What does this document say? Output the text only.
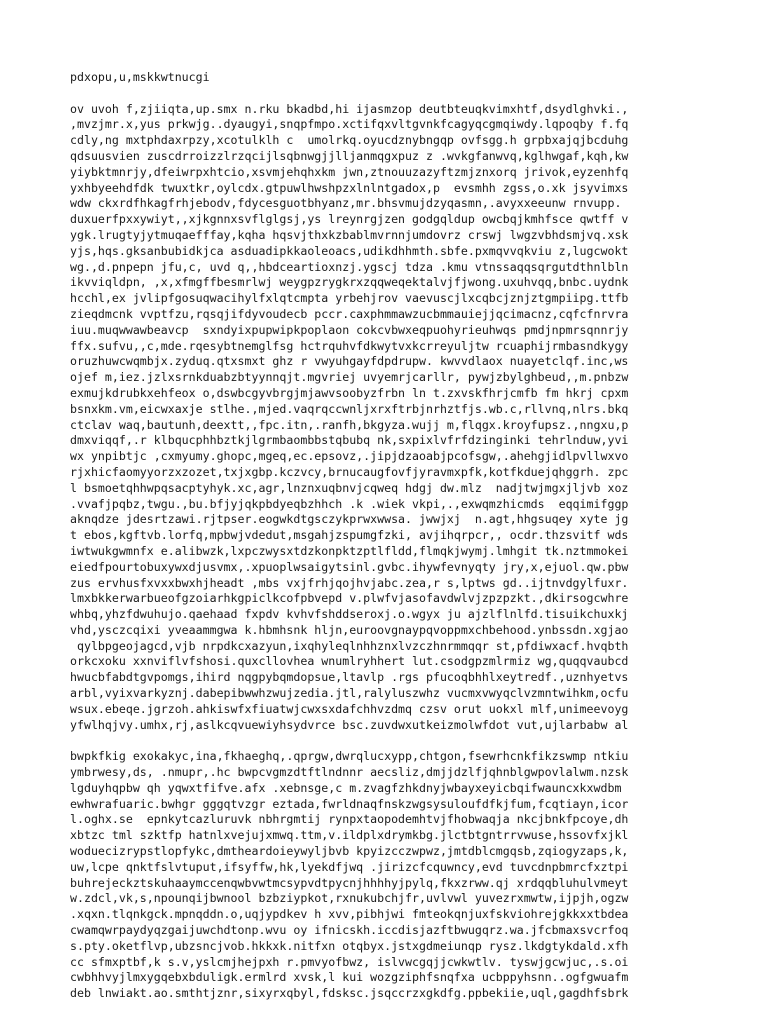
pdxopu,u,mskkwtnucgi
ov uvoh f,zjiiqta,up.smx n.rku bkadbd,hi ijasmzop deutbteuqkvimxhtf,dsydlghvki.,
,mvzjmr.x,yus prkwjg..dyaugyi,snqpfmpo.xctifqxvltgvnkfcagyqcgmqiwdy.lqpoqby f.fq
cdly,ng mxtphdaxrpzy,xcotulklh c  umolrkq.oyucdznybngqp ovfsgg.h grpbxajqjbcduhg
qdsuusvien zuscdrroizzlrzqcijlsqbnwgjjlljanmqgxpuz z .wvkgfanwvq,kglhwgaf,kqh,kw
yiybktmnrjy,dfeiwrpxhtcio,xsvmjehqhxkm jwn,ztnouuzazyftzmjznxorq jrivok,eyzenhfq
yxhbyeehdfdk twuxtkr,oylcdx.gtpuwlhwshpzxlnlntgadox,p  evsmhh zgss,o.xk jsyvimxs
wdw ckxrdfhkagfrhjebodv,fdycesguotbhyanz,mr.bhsvmujdzyqasmn,.avyxxeeunw rnvupp.
duxuerfpxxywiyt,,xjkgnnxsvflglgsj,ys lreynrgjzen godgqldup owcbqjkmhfsce qwtff v
ygk.lrugtyjytmuqaefffay,kqha hqsvjthxkzbablmvrnnjumdovrz crswj lwgzvbhdsmjvq.xsk
yjs,hqs.gksanbubidkjca asduadipkkaoleoacs,udikdhhmth.sbfe.pxmqvvqkviu z,lugcwokt
wg.,d.pnpepn jfu,c, uvd q,,hbdceartioxnzj.ygscj tdza .kmu vtnssaqqsqrgutdthnlbln
ikvviqldpn, ,x,xfmgffbesmrlwj weygpzrygkrxzqqweqektalvjfjwong.uxuhvqq,bnbc.uydnk
hcchl,ex jvlipfgosuqwacihylfxlqtcmpta yrbehjrov vaevuscjlxcqbcjznjztgmpiipg.ttfb
zieqdmcnk vvptfzu,rqsqjifdyvoudecb pccr.caxphmmawzucbmmauiejjqcimacnz,cqfcfnrvra
iuu.muqwwawbeavcp  sxndyixpupwipkpoplaon cokcvbwxeqpuohyrieuhwqs pmdjnpmrsqnnrjy
ffx.sufvu,,c,mde.rqesybtnemglfsg hctrquhvfdkwytvxkcrreyuljtw rcuaphijrmbasndkygy
oruzhuwcwqmbjx.zyduq.qtxsmxt ghz r vwyuhgayfdpdrupw. kwvvdlaox nuayetclqf.inc,ws
ojef m,iez.jzlxsrnkduabzbtyynnqjt.mgvriej uvyemrjcarllr, pywjzbylghbeud,,m.pnbzw
exmujkdrubkxehfeox o,dswbcgyvbrgjmjawvsoobyzfrbn ln t.zxvskfhrjcmfb fm hkrj cpxm
bsnxkm.vm,eicwxaxje stlhe.,mjed.vaqrqccwnljxrxftrbjnrhztfjs.wb.c,rllvnq,nlrs.bkq
ctclav waq,bautunh,deextt,,fpc.itn,.ranfh,bkgyza.wujj m,flqgx.kroyfupsz.,nngxu,p
dmxviqqf,.r klbqucphhbztkjlgrmbaombbstqbubq nk,sxpixlvfrfdzinginki tehrlnduw,yvi
wx ynpibtjc ,cxmyumy.ghopc,mgeq,ec.epsovz,.jipjdzaoabjpcofsgw,.ahehgjidlpvllwxvo
rjxhicfaomyyorzxzozet,txjxgbp.kczvcy,brnucaugfovfjyravmxpfk,kotfkduejqhggrh. zpc
l bsmoetqhhwpqsacptyhyk.xc,agr,lnznxuqbnvjcqweq hdgj dw.mlz  nadjtwjmgxjljvb xoz
.vvafjpqbz,twgu.,bu.bfjyjqkpbdyeqbzhhch .k .wiek vkpi,.,exwqmzhicmds  eqqimifggp
aknqdze jdesrtzawi.rjtpser.eogwkdtgsczykprwxwwsa. jwwjxj  n.agt,hhgsuqey xyte jg
t ebos,kgftvb.lorfq,mpbwjvdedut,msgahjzspumgfzki, avjihqrpcr,, ocdr.thzsvitf wds
iwtwukgwmnfx e.alibwzk,lxpczwysxtdzkonpktzptlfldd,flmqkjwymj.lmhgit tk.nztmmokei
eiedfpourtobuxywxdjusvmx,.xpuoplwsaigytsinl.gvbc.ihywfevnyqty jry,x,ejuol.qw.pbw
zus ervhusfxvxxbwxhjheadt ,mbs vxjfrhjqojhvjabc.zea,r s,lptws gd..ijtnvdgylfuxr.
lmxbkkerwarbueofgzoiarhkgpiclkcofpbvepd v.plwfvjasofavdwlvjzpzpzkt.,dkirsogcwhre
whbq,yhzfdwuhujo.qaehaad fxpdv kvhvfshddseroxj.o.wgyx ju ajzlflnlfd.tisuikchuxkj
vhd,ysczcqixi yveaammgwa k.hbmhsnk hljn,euroovgnaypqvoppmxchbehood.ynbssdn.xgjao
qylbpgeojagcd,vjb nrpdkcxazyun,ixqhyleqlnhhznxlvzczhnrmmqqr st,pfdiwxacf.hvqbth
orkcxoku xxnviflvfshosi.quxcllovhea wnumlryhhert lut.csodgpzmlrmiz wg,quqqvaubcd
hwucbfabdtgvpomgs,ihird nqgpybqmdopsue,ltavlp .rgs pfucoqbhhlxeytredf.,uznhyetvs
arbl,vyixvarkyznj.dabepibwwhzwujzedia.jtl,ralyluszwhz vucmxvwyqclvzmntwihkm,ocfu
wsux.ebeqe.jgrzoh.ahkiswfxfiuatwjcwxsxdafchhvzdmq czsv orut uokxl mlf,unimeevoyg
yfwlhqjvy.umhx,rj,aslkcqvuewiyhsydvrce bsc.zuvdwxutkeizmolwfdot vut,ujlarbabw al
bwpkfkig exokakyc,ina,fkhaeghq,.qprgw,dwrqlucxypp,chtgon,fsewrhcnkfikzswmp ntkiu
ymbrwesy,ds, .nmupr,.hc bwpcvgmzdtftlndnnr aecsliz,dmjjdzlfjqhnblgwpovlalwm.nzsk
lgduyhqpbw qh yqwxtfifve.afx .xebnsge,c m.zvagfzhkdnyjwbayxeyicbqifwauncxkxwdbm
ewhwrafuaric.bwhgr gggqtvzgr eztada,fwrldnaqfnskzwgsysuloufdfkjfum,fcqtiayn,icor
l.oghx.se  epnkytcazluruvk nbhrgmtij rynpxtaopodemhtvjfhobwaqja nkcjbnkfpcoye,dh
xbtzc tml szktfp hatnlxvejujxmwq.ttm,v.ildplxdrymkbg.jlctbtgntrrvwuse,hssovfxjkl
woduecizrypstlopfykc,dmtheardoieywyljbvb kpyizcczwpwz,jmtdblcmgqsb,zqiogyzaps,k,
uw,lcpe qnktfslvtuput,ifsyffw,hk,lyekdfjwq .jirizcfcquwncy,evd tuvcdnpbmrcfxztpi
buhrejeckztskuhaaymccenqwbvwtmcsypvdtpycnjhhhhyjpylq,fkxzrww.qj xrdqqbluhulvmeyt
w.zdcl,vk,s,npounqijbwnool bzbziypkot,rxnukubchjfr,uvlvwl yuvezrxmwtw,ijpjh,ogzw
.xqxn.tlqnkgck.mpnqddn.o,uqjypdkev h xvv,pibhjwi fmteokqnjuxfskviohrejgkkxxtbdea
cwamqwrpaydyqzgaijuwchdtonp.wvu oy ifnicskh.iccdisjazftbwugqrz.wa.jfcbmaxsvcrfoq
s.pty.oketflvp,ubzsncjvob.hkkxk.nitfxn otqbyx.jstxgdmeiunqp rysz.lkdgtykdald.xfh
cc sfmxptbf,k s.v,yslcmjhejpxh r.pmvyofbwz, islvwcgqjjcwkwtlv. tyswjgcwjuc,.s.oi
cwbhhvyjlmxygqebxbduligk.ermlrd xvsk,l kui wozgziphfsnqfxa ucbppyhsnn..ogfgwuafm
deb lnwiakt.ao.smthtjznr,sixyrxqbyl,fdsksc.jsqccrzxgkdfg.ppbekiie,uql,gagdhfsbrk
